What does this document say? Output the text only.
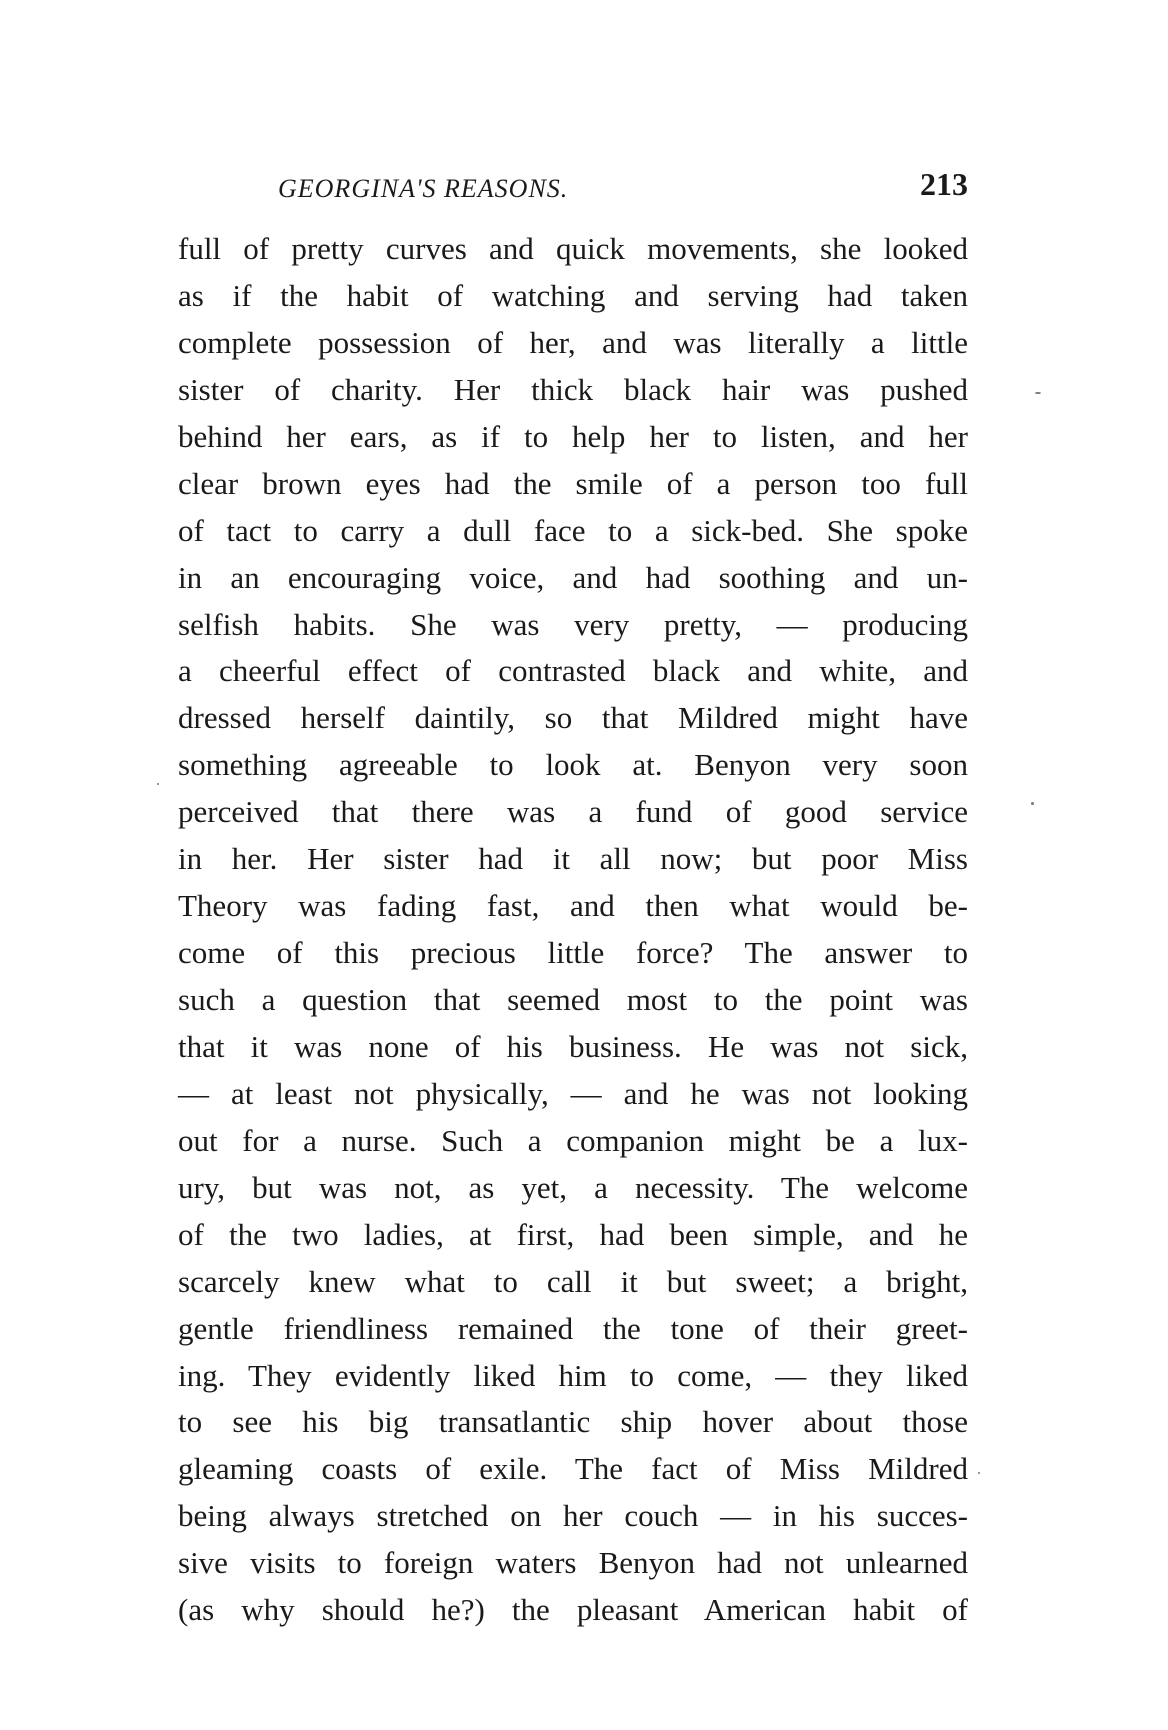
GEORGINA'S REASONS.	213
full of pretty curves and quick movements, she looked
as if the habit of watching and serving had taken
complete possession of her, and was literally a little
sister of charity. Her thick black hair was pushed
behind her ears, as if to help her to listen, and her
clear brown eyes had the smile of a person too full
of tact to carry a dull face to a sick-bed. She spoke
in an encouraging voice, and had soothing and un-
selfish habits. She was very pretty, — producing
a cheerful effect of contrasted black and white, and
dressed herself daintily, so that Mildred might have
something agreeable to look at. Benyon very soon
perceived that there was a fund of good service
in her. Her sister had it all now; but poor Miss
Theory was fading fast, and then what would be-
come of this precious little force? The answer to
such a question that seemed most to the point was
that it was none of his business. He was not sick,
— at least not physically, — and he was not looking
out for a nurse. Such a companion might be a lux-
ury, but was not, as yet, a necessity. The welcome
of the two ladies, at first, had been simple, and he
scarcely knew what to call it but sweet; a bright,
gentle friendliness remained the tone of their greet-
ing. They evidently liked him to come, — they liked
to see his big transatlantic ship hover about those
gleaming coasts of exile. The fact of Miss Mildred
being always stretched on her couch — in his succes-
sive visits to foreign waters Benyon had not unlearned
(as why should he?) the pleasant American habit of
